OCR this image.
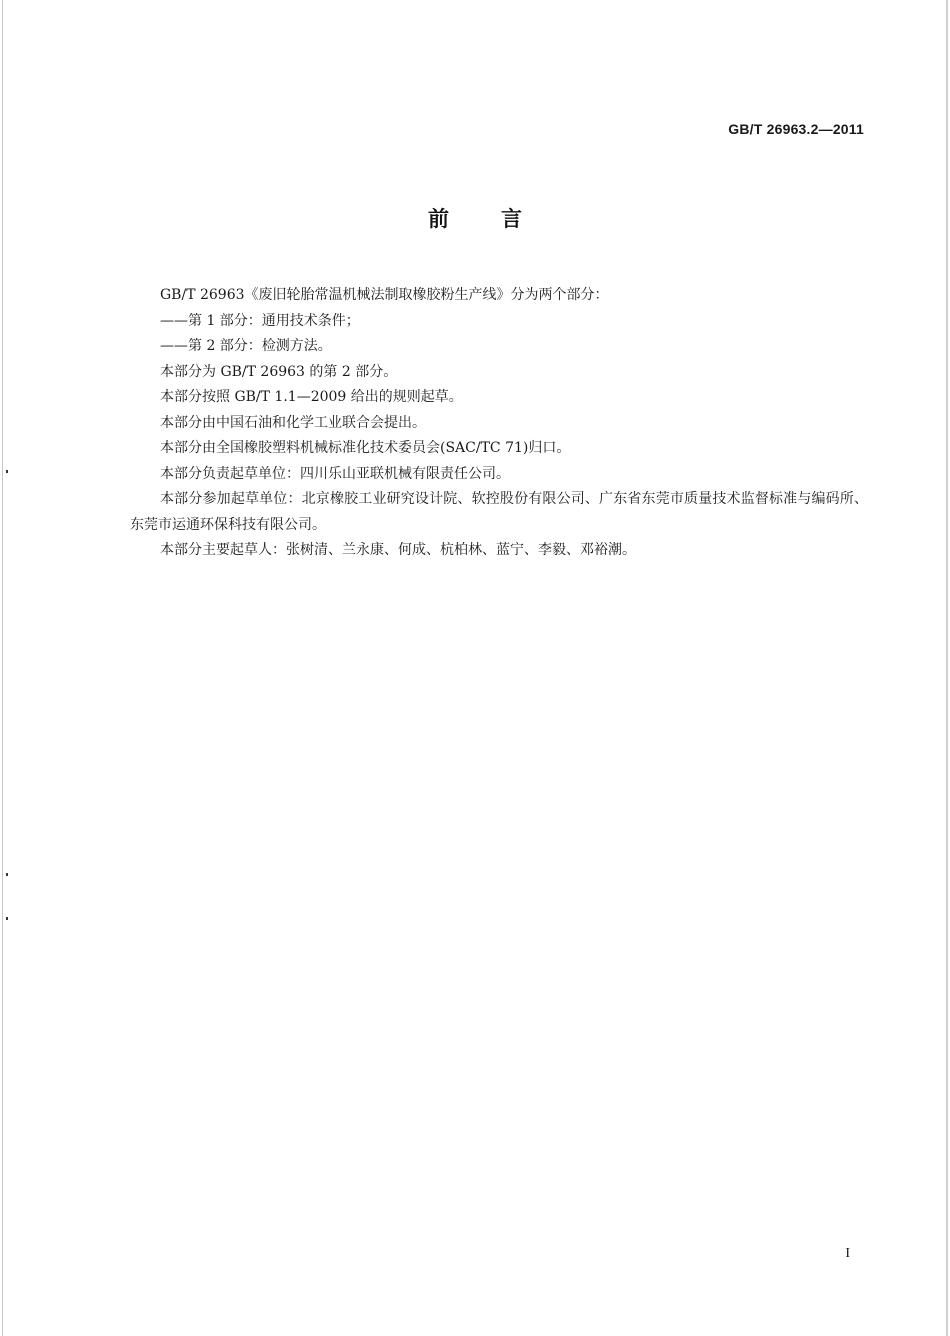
GB/T 26963.2—2011
前言

GB/T 26963《废旧轮胎常温机械法制取橡胶粉生产线》分为两个部分：

——第 1 部分：通用技术条件；

——第 2 部分：检测方法。

本部分为 GB/T 26963 的第 2 部分。

本部分按照 GB/T 1.1—2009 给出的规则起草。

本部分由中国石油和化学工业联合会提出。

本部分由全国橡胶塑料机械标准化技术委员会(SAC/TC 71)归口。

本部分负责起草单位：四川乐山亚联机械有限责任公司。

本部分参加起草单位：北京橡胶工业研究设计院、软控股份有限公司、广东省东莞市质量技术监督标准与编码所、东莞市运通环保科技有限公司。

本部分主要起草人：张树清、兰永康、何成、杭柏林、蓝宁、李毅、邓裕潮。

I
